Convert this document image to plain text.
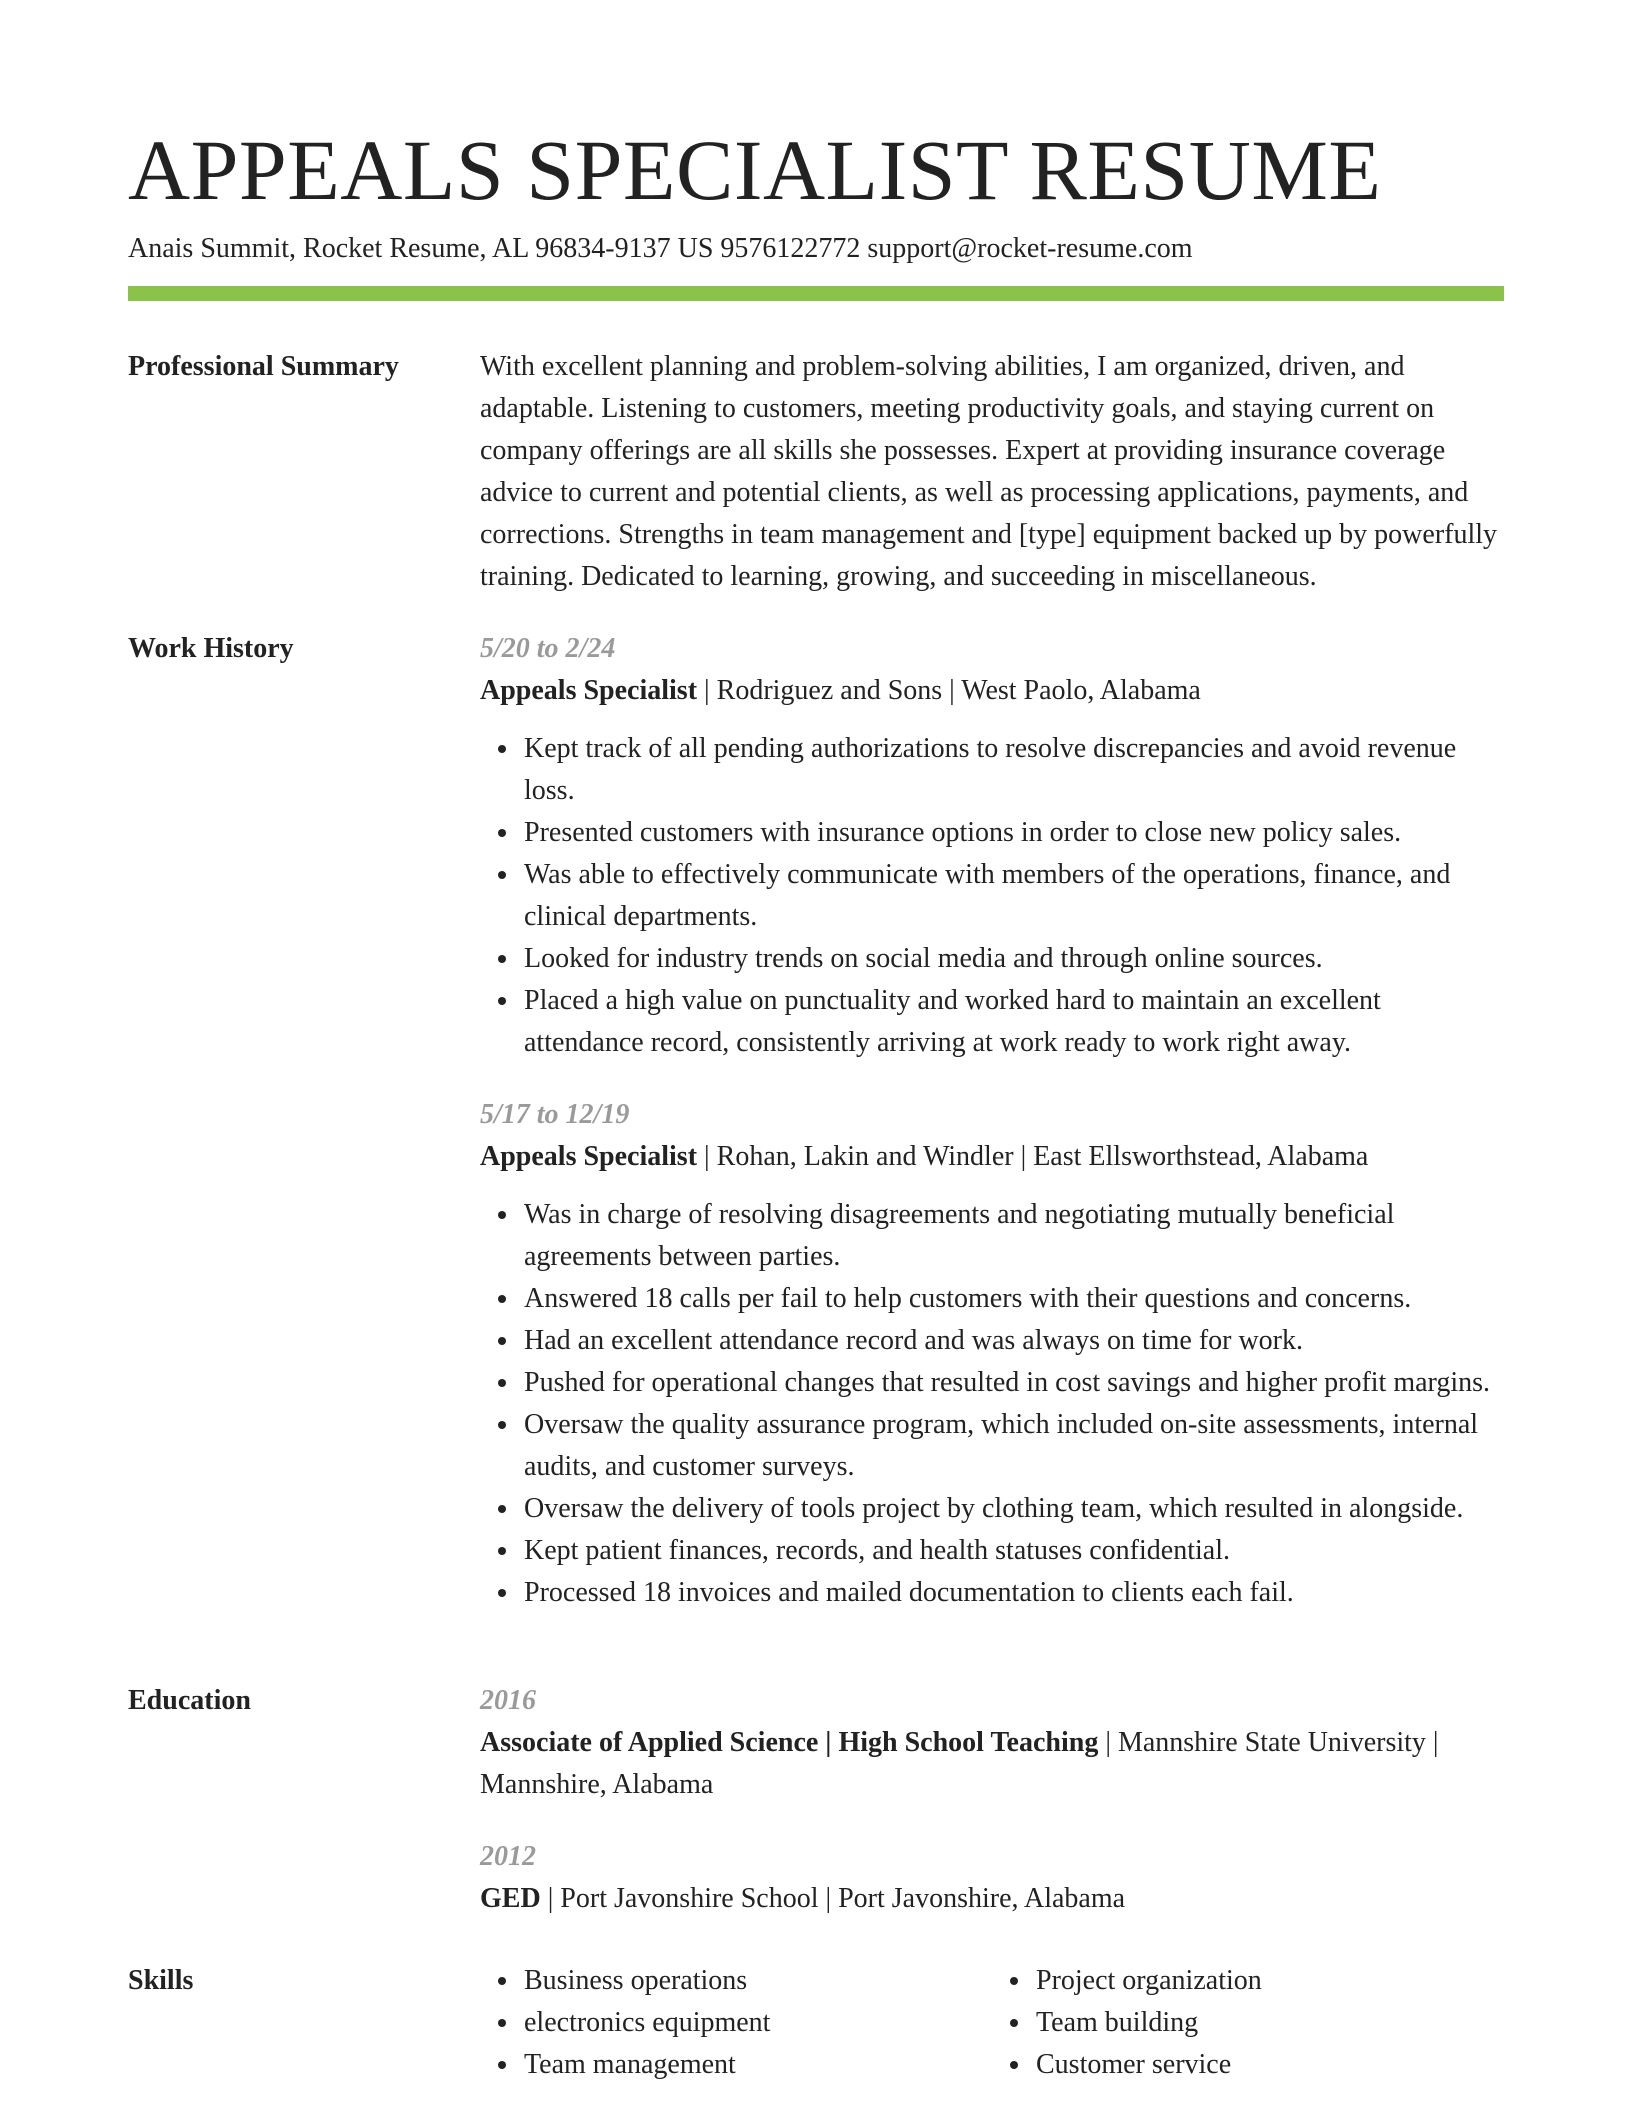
APPEALS SPECIALIST RESUME
Anais Summit, Rocket Resume, AL 96834-9137 US 9576122772 support@rocket-resume.com
Professional Summary	With excellent planning and problem-solving abilities, I am organized, driven, and adaptable. Listening to customers, meeting productivity goals, and staying current on company offerings are all skills she possesses. Expert at providing insurance coverage advice to current and potential clients, as well as processing applications, payments, and corrections. Strengths in team management and [type] equipment backed up by powerfully training. Dedicated to learning, growing, and succeeding in miscellaneous.

Work History	5/20 to 2/24
Appeals Specialist | Rodriguez and Sons | West Paolo, Alabama
Kept track of all pending authorizations to resolve discrepancies and avoid revenue loss.
Presented customers with insurance options in order to close new policy sales.
Was able to effectively communicate with members of the operations, finance, and clinical departments.
Looked for industry trends on social media and through online sources.
Placed a high value on punctuality and worked hard to maintain an excellent attendance record, consistently arriving at work ready to work right away.
5/17 to 12/19
Appeals Specialist | Rohan, Lakin and Windler | East Ellsworthstead, Alabama
Was in charge of resolving disagreements and negotiating mutually beneficial agreements between parties.
Answered 18 calls per fail to help customers with their questions and concerns.
Had an excellent attendance record and was always on time for work.
Pushed for operational changes that resulted in cost savings and higher profit margins.
Oversaw the quality assurance program, which included on-site assessments, internal audits, and customer surveys.
Oversaw the delivery of tools project by clothing team, which resulted in alongside.
Kept patient finances, records, and health statuses confidential.
Processed 18 invoices and mailed documentation to clients each fail.
Education	2016
Associate of Applied Science | High School Teaching | Mannshire State University | Mannshire, Alabama
2012
GED | Port Javonshire School | Port Javonshire, Alabama
Skills	Business operations
electronics equipment
Team management
Project organization
Team building
Customer service
